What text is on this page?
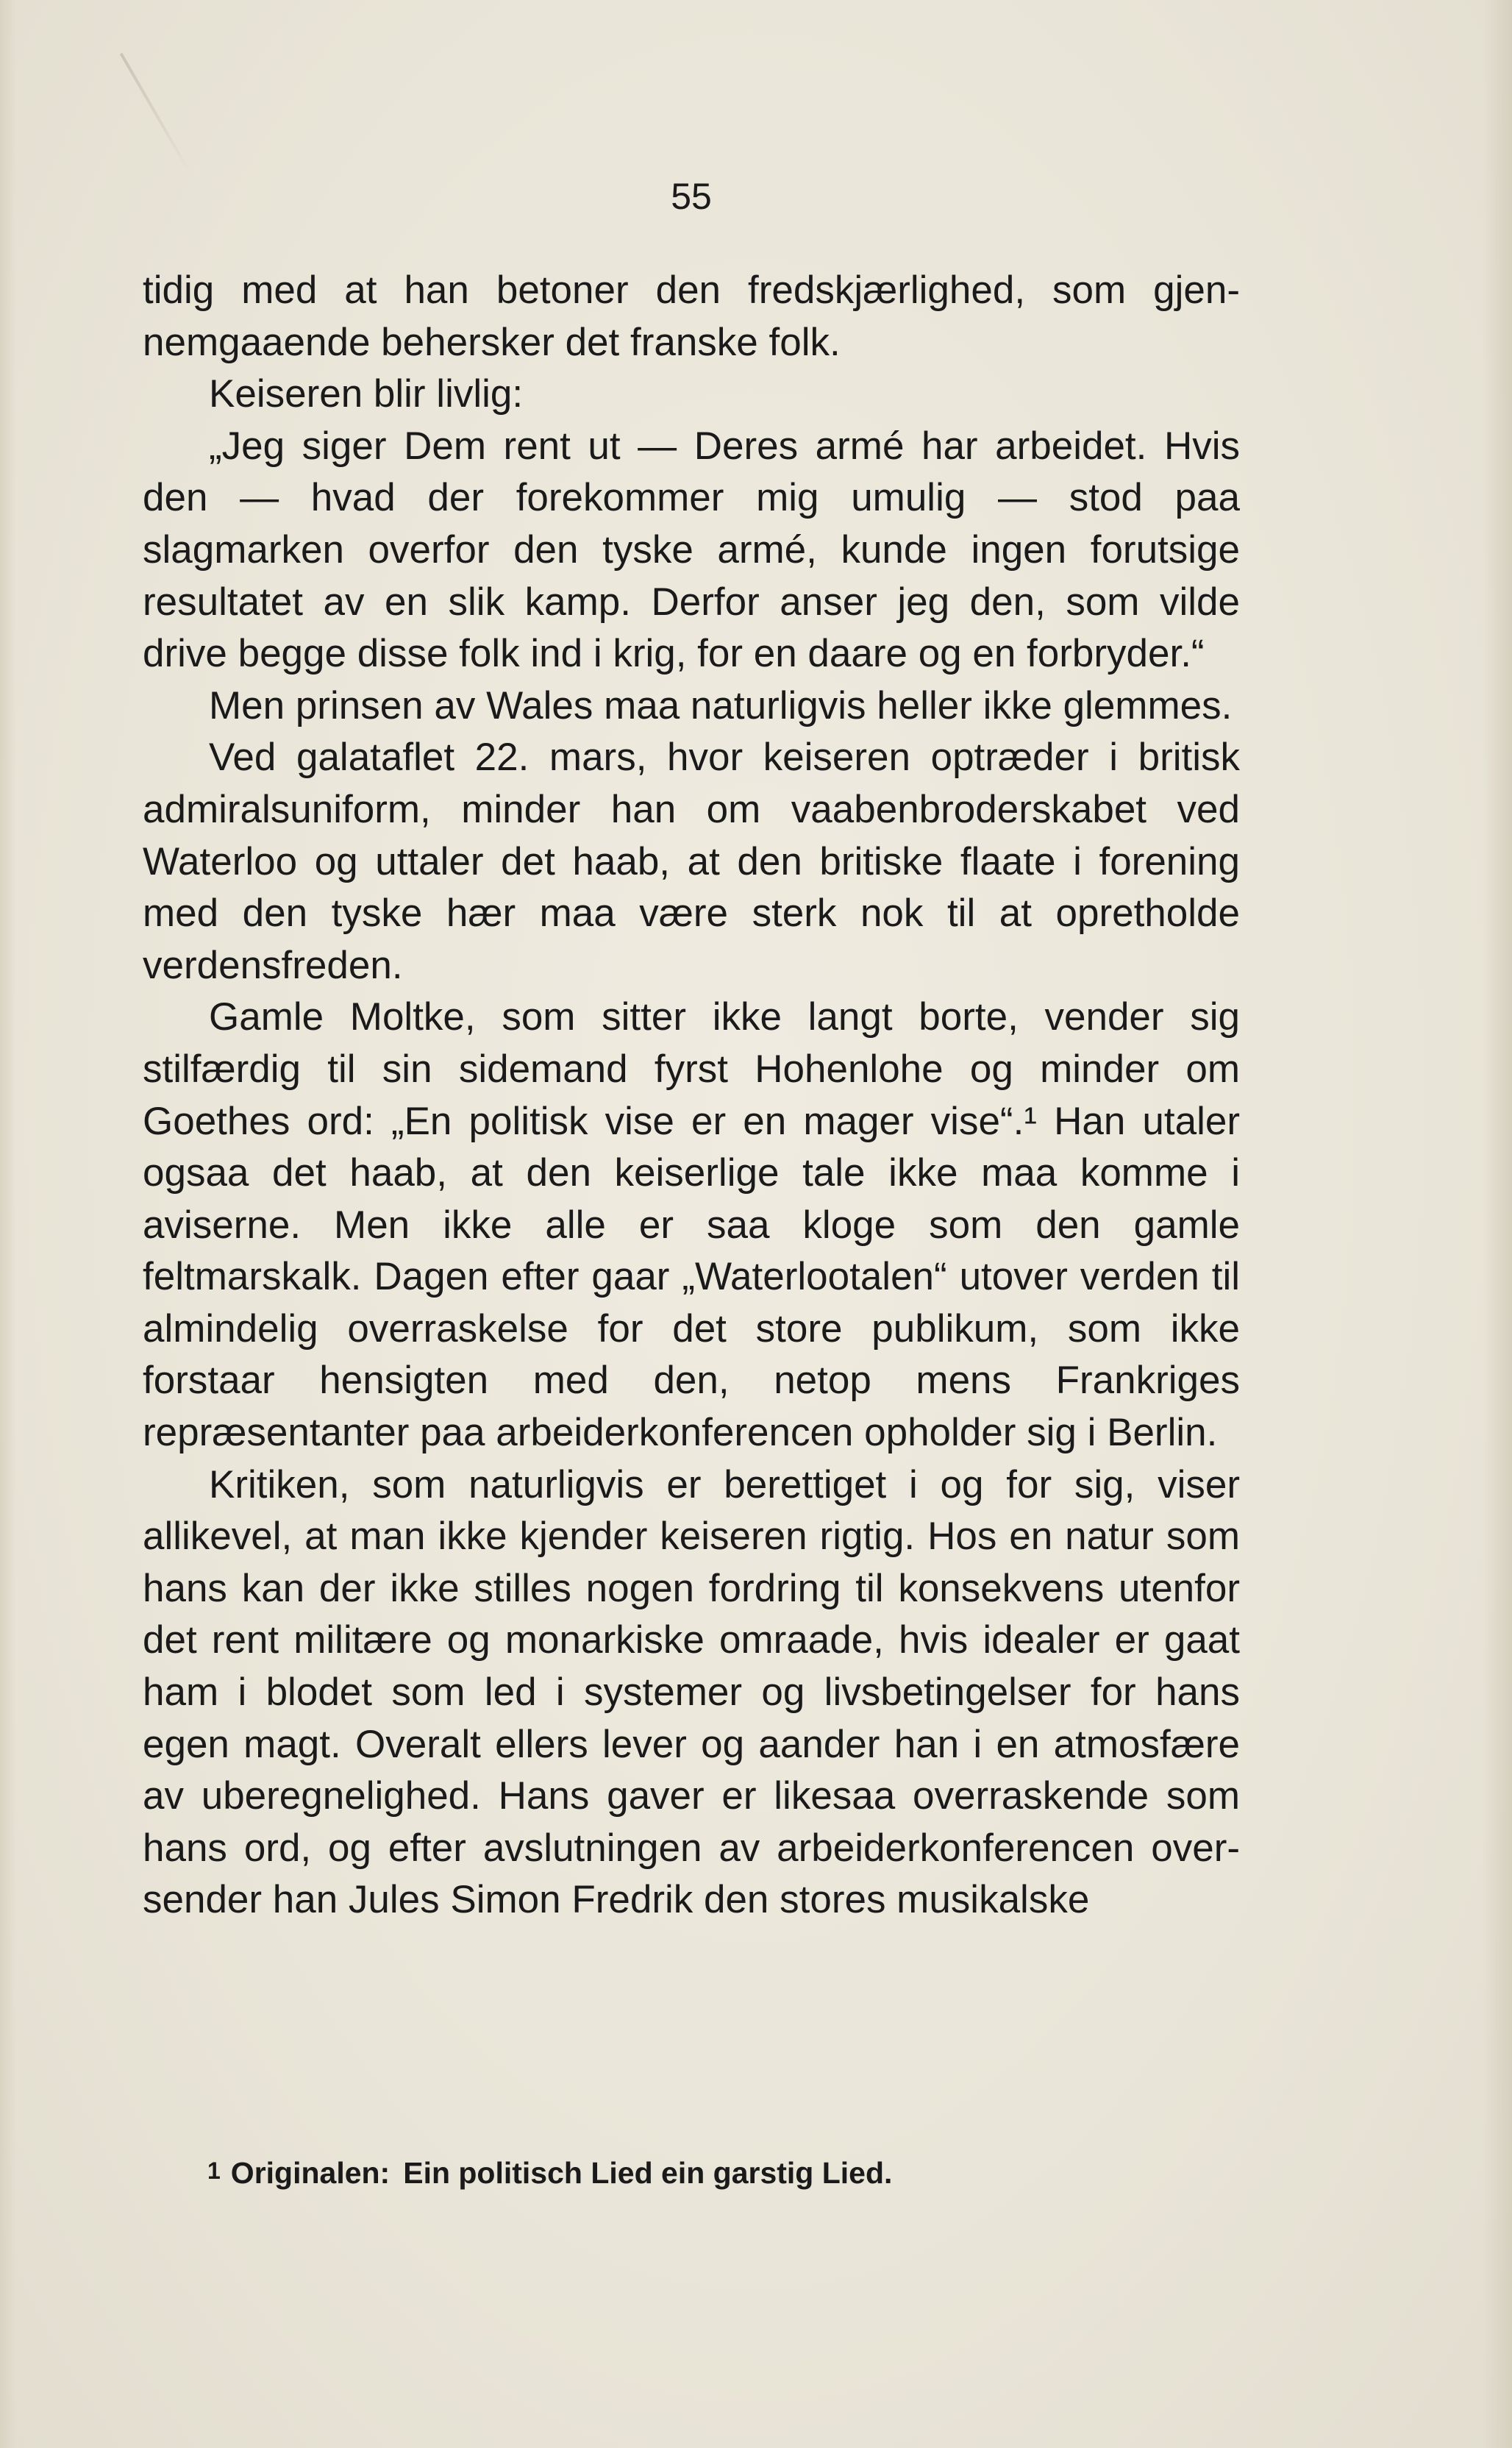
55

tidig med at han betoner den fredskjærlighed, som gjennemgaaende behersker det franske folk.

Keiseren blir livlig:

„Jeg siger Dem rent ut — Deres armé har arbeidet. Hvis den — hvad der forekommer mig umulig — stod paa slagmarken overfor den tyske armé, kunde ingen forutsige resultatet av en slik kamp. Derfor anser jeg den, som vilde drive begge disse folk ind i krig, for en daare og en forbryder.“

Men prinsen av Wales maa naturligvis heller ikke glemmes.

Ved galataflet 22. mars, hvor keiseren optræder i britisk admiralsuniform, minder han om vaabenbroderskabet ved Waterloo og uttaler det haab, at den britiske flaate i forening med den tyske hær maa være sterk nok til at opretholde verdensfreden.

Gamle Moltke, som sitter ikke langt borte, vender sig stilfærdig til sin sidemand fyrst Hohenlohe og minder om Goethes ord: „En politisk vise er en mager vise“.¹ Han utaler ogsaa det haab, at den keiserlige tale ikke maa komme i aviserne. Men ikke alle er saa kloge som den gamle feltmarskalk. Dagen efter gaar „Waterlootalen“ utover verden til almindelig overraskelse for det store publikum, som ikke forstaar hensigten med den, netop mens Frankriges repræsentanter paa arbeiderkonferencen opholder sig i Berlin.

Kritiken, som naturligvis er berettiget i og for sig, viser allikevel, at man ikke kjender keiseren rigtig. Hos en natur som hans kan der ikke stilles nogen fordring til konsekvens utenfor det rent militære og monarkiske omraade, hvis idealer er gaat ham i blodet som led i systemer og livsbetingelser for hans egen magt. Overalt ellers lever og aander han i en atmosfære av uberegnelighed. Hans gaver er likesaa overraskende som hans ord, og efter avslutningen av arbeiderkonferencen oversender han Jules Simon Fredrik den stores musikalske

1 Originalen: Ein politisch Lied ein garstig Lied.
